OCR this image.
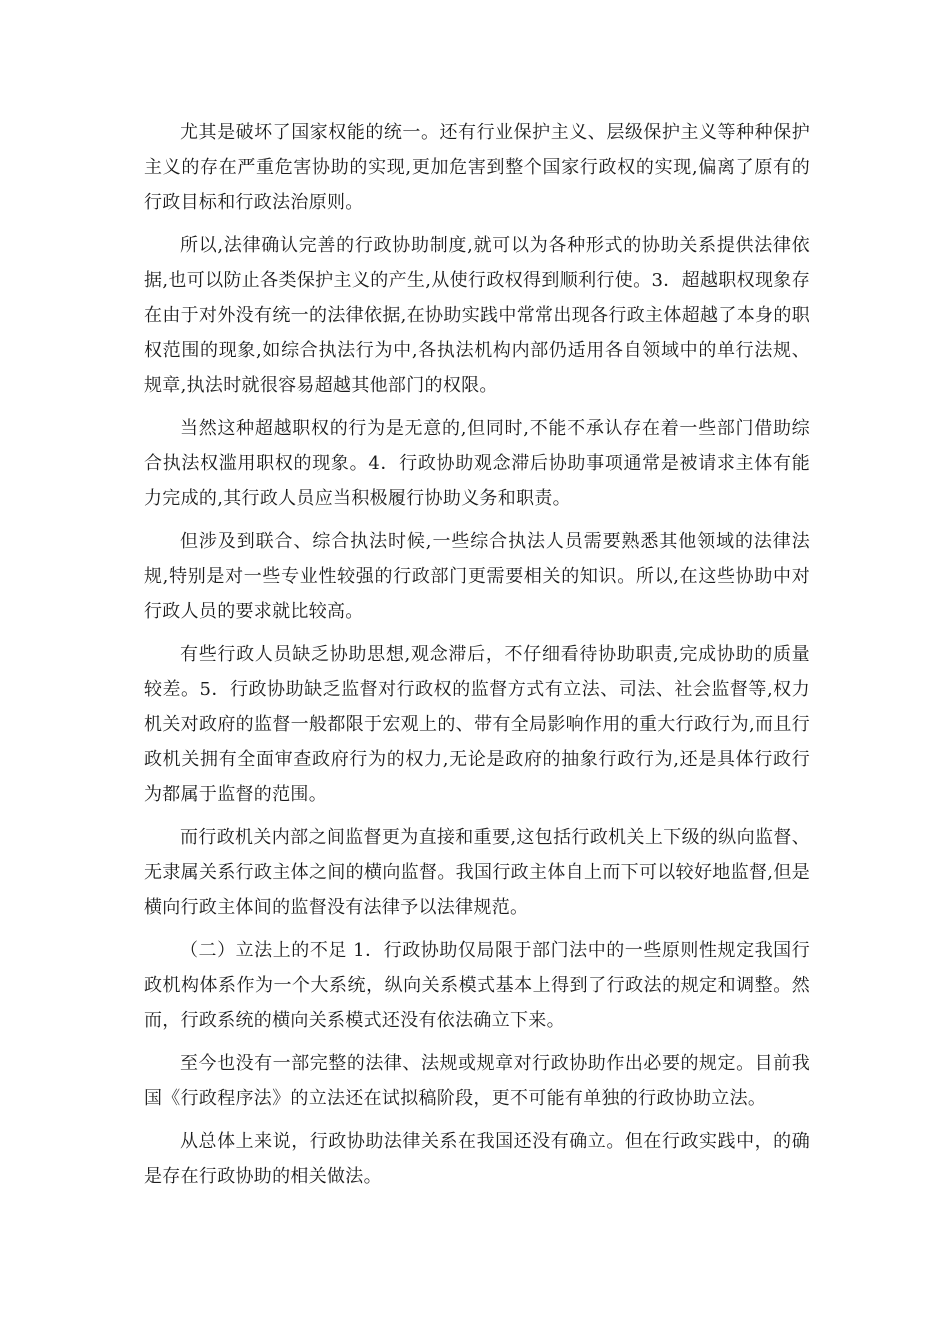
尤其是破坏了国家权能的统一。还有行业保护主义、层级保护主义等种种保护主义的存在严重危害协助的实现,更加危害到整个国家行政权的实现,偏离了原有的行政目标和行政法治原则。

所以,法律确认完善的行政协助制度,就可以为各种形式的协助关系提供法律依据,也可以防止各类保护主义的产生,从使行政权得到顺利行使。3．超越职权现象存在由于对外没有统一的法律依据,在协助实践中常常出现各行政主体超越了本身的职权范围的现象,如综合执法行为中,各执法机构内部仍适用各自领域中的单行法规、规章,执法时就很容易超越其他部门的权限。

当然这种超越职权的行为是无意的,但同时,不能不承认存在着一些部门借助综合执法权滥用职权的现象。4．行政协助观念滞后协助事项通常是被请求主体有能力完成的,其行政人员应当积极履行协助义务和职责。

但涉及到联合、综合执法时候,一些综合执法人员需要熟悉其他领域的法律法规,特别是对一些专业性较强的行政部门更需要相关的知识。所以,在这些协助中对行政人员的要求就比较高。

有些行政人员缺乏协助思想,观念滞后，不仔细看待协助职责,完成协助的质量较差。5．行政协助缺乏监督对行政权的监督方式有立法、司法、社会监督等,权力机关对政府的监督一般都限于宏观上的、带有全局影响作用的重大行政行为,而且行政机关拥有全面审查政府行为的权力,无论是政府的抽象行政行为,还是具体行政行为都属于监督的范围。

而行政机关内部之间监督更为直接和重要,这包括行政机关上下级的纵向监督、无隶属关系行政主体之间的横向监督。我国行政主体自上而下可以较好地监督,但是横向行政主体间的监督没有法律予以法律规范。

（二）立法上的不足 1．行政协助仅局限于部门法中的一些原则性规定我国行政机构体系作为一个大系统，纵向关系模式基本上得到了行政法的规定和调整。然而，行政系统的横向关系模式还没有依法确立下来。

至今也没有一部完整的法律、法规或规章对行政协助作出必要的规定。目前我国《行政程序法》的立法还在试拟稿阶段，更不可能有单独的行政协助立法。

从总体上来说，行政协助法律关系在我国还没有确立。但在行政实践中，的确是存在行政协助的相关做法。
